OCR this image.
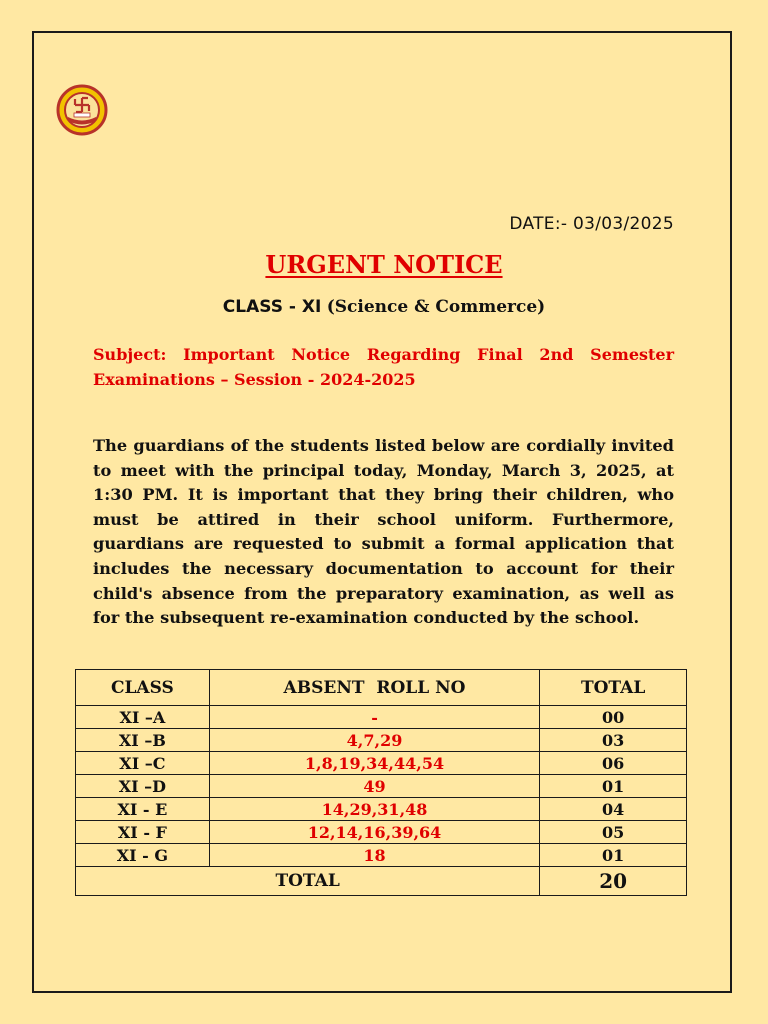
DATE:- 03/03/2025
URGENT NOTICE
CLASS - XI (Science & Commerce)
Subject: Important Notice Regarding Final 2nd Semester Examinations – Session - 2024-2025
The guardians of the students listed below are cordially invited to meet with the principal today, Monday, March 3, 2025, at 1:30 PM. It is important that they bring their children, who must be attired in their school uniform. Furthermore, guardians are requested to submit a formal application that includes the necessary documentation to account for their child's absence from the preparatory examination, as well as for the subsequent re-examination conducted by the school.
CLASS	ABSENT  ROLL NO	TOTAL
XI –A	-	00
XI –B	4,7,29	03
XI –C	1,8,19,34,44,54	06
XI –D	49	01
XI - E	14,29,31,48	04
XI - F	12,14,16,39,64	05
XI - G	18	01
TOTAL		20
